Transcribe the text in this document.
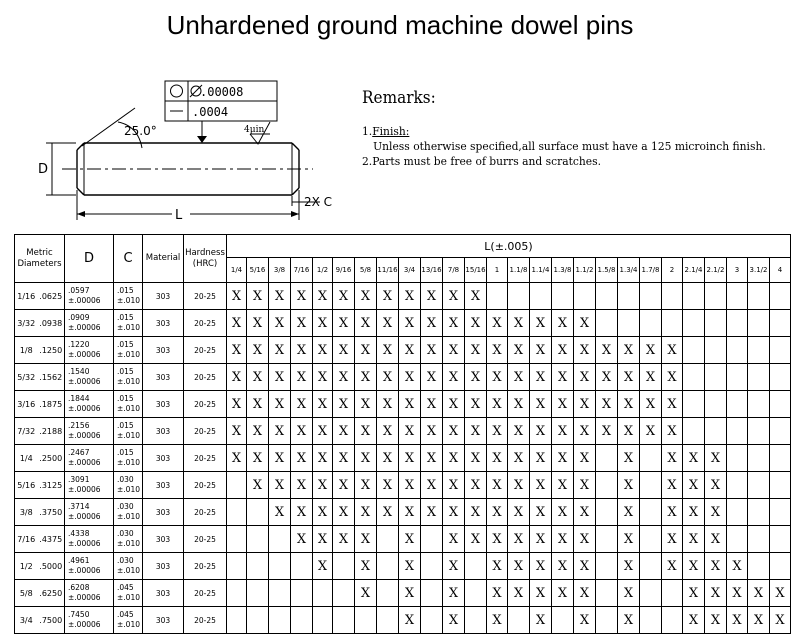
Unhardened ground machine dowel pins
.00008
.0004
25.0°	4μin
D
L
2X C
Remarks:
1.Finish:
Unless otherwise specified,all surface must have a 125 microinch finish.
2.Parts must be free of burrs and scratches.
Metric
Diameters		D	C	Material	Hardness
(HRC)	L(±.005)																									
						1/4	5/16	3/8	7/16	1/2	9/16	5/8	11/16	3/4	13/16	7/8	15/16	1	1.1/8	1.1/4	1.3/8	1.1/2	1.5/8	1.3/4	1.7/8	2	2.1/4	2.1/2	3	3.1/2	4
1/16	.0625	.0597
±.00006	.015
±.010	303	20-25	X	X	X	X	X	X	X	X	X	X	X	X														
3/32	.0938	.0909
±.00006	.015
±.010	303	20-25	X	X	X	X	X	X	X	X	X	X	X	X	X	X	X	X	X									
1/8	.1250	.1220
±.00006	.015
±.010	303	20-25	X	X	X	X	X	X	X	X	X	X	X	X	X	X	X	X	X	X	X	X	X					
5/32	.1562	.1540
±.00006	.015
±.010	303	20-25	X	X	X	X	X	X	X	X	X	X	X	X	X	X	X	X	X	X	X	X	X					
3/16	.1875	.1844
±.00006	.015
±.010	303	20-25	X	X	X	X	X	X	X	X	X	X	X	X	X	X	X	X	X	X	X	X	X					
7/32	.2188	.2156
±.00006	.015
±.010	303	20-25	X	X	X	X	X	X	X	X	X	X	X	X	X	X	X	X	X	X	X	X	X					
1/4	.2500	.2467
±.00006	.015
±.010	303	20-25	X	X	X	X	X	X	X	X	X	X	X	X	X	X	X	X	X		X		X	X	X			
5/16	.3125	.3091
±.00006	.030
±.010	303	20-25		X	X	X	X	X	X	X	X	X	X	X	X	X	X	X	X		X		X	X	X			
3/8	.3750	.3714
±.00006	.030
±.010	303	20-25			X	X	X	X	X	X	X	X	X	X	X	X	X	X	X		X		X	X	X			
7/16	.4375	.4338
±.00006	.030
±.010	303	20-25				X	X	X	X		X		X	X	X	X	X	X	X		X		X	X	X			
1/2	.5000	.4961
±.00006	.030
±.010	303	20-25					X		X		X		X		X	X	X	X	X		X		X	X	X	X		
5/8	.6250	.6208
±.00006	.045
±.010	303	20-25							X		X		X		X	X	X	X	X		X			X	X	X	X	X
3/4	.7500	.7450
±.00006	.045
±.010	303	20-25									X		X		X		X		X		X			X	X	X	X	X
